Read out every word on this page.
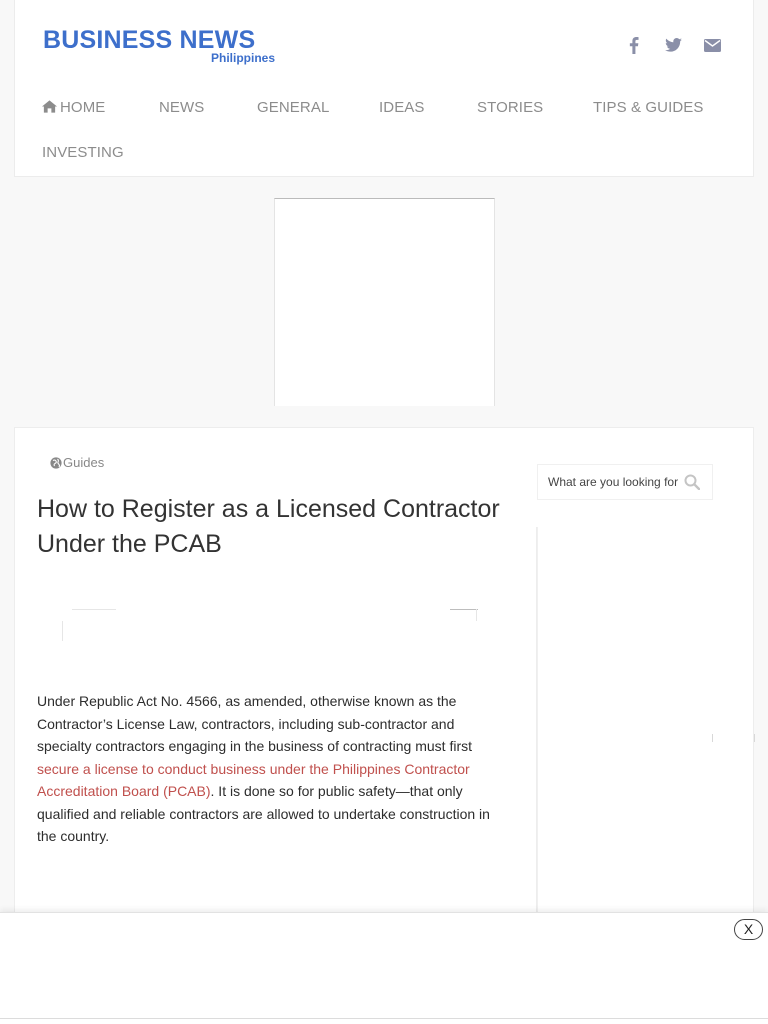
BUSINESS NEWS
Philippines
HOME	NEWS	GENERAL	IDEAS	STORIES	TIPS & GUIDES
INVESTING
Guides
How to Register as a Licensed Contractor Under the PCAB

Under Republic Act No. 4566, as amended, otherwise known as the Contractor’s License Law, contractors, including sub-contractor and specialty contractors engaging in the business of contracting must first secure a license to conduct business under the Philippines Contractor Accreditation Board (PCAB). It is done so for public safety—that only qualified and reliable contractors are allowed to undertake construction in the country.

What are you looking for?
X
